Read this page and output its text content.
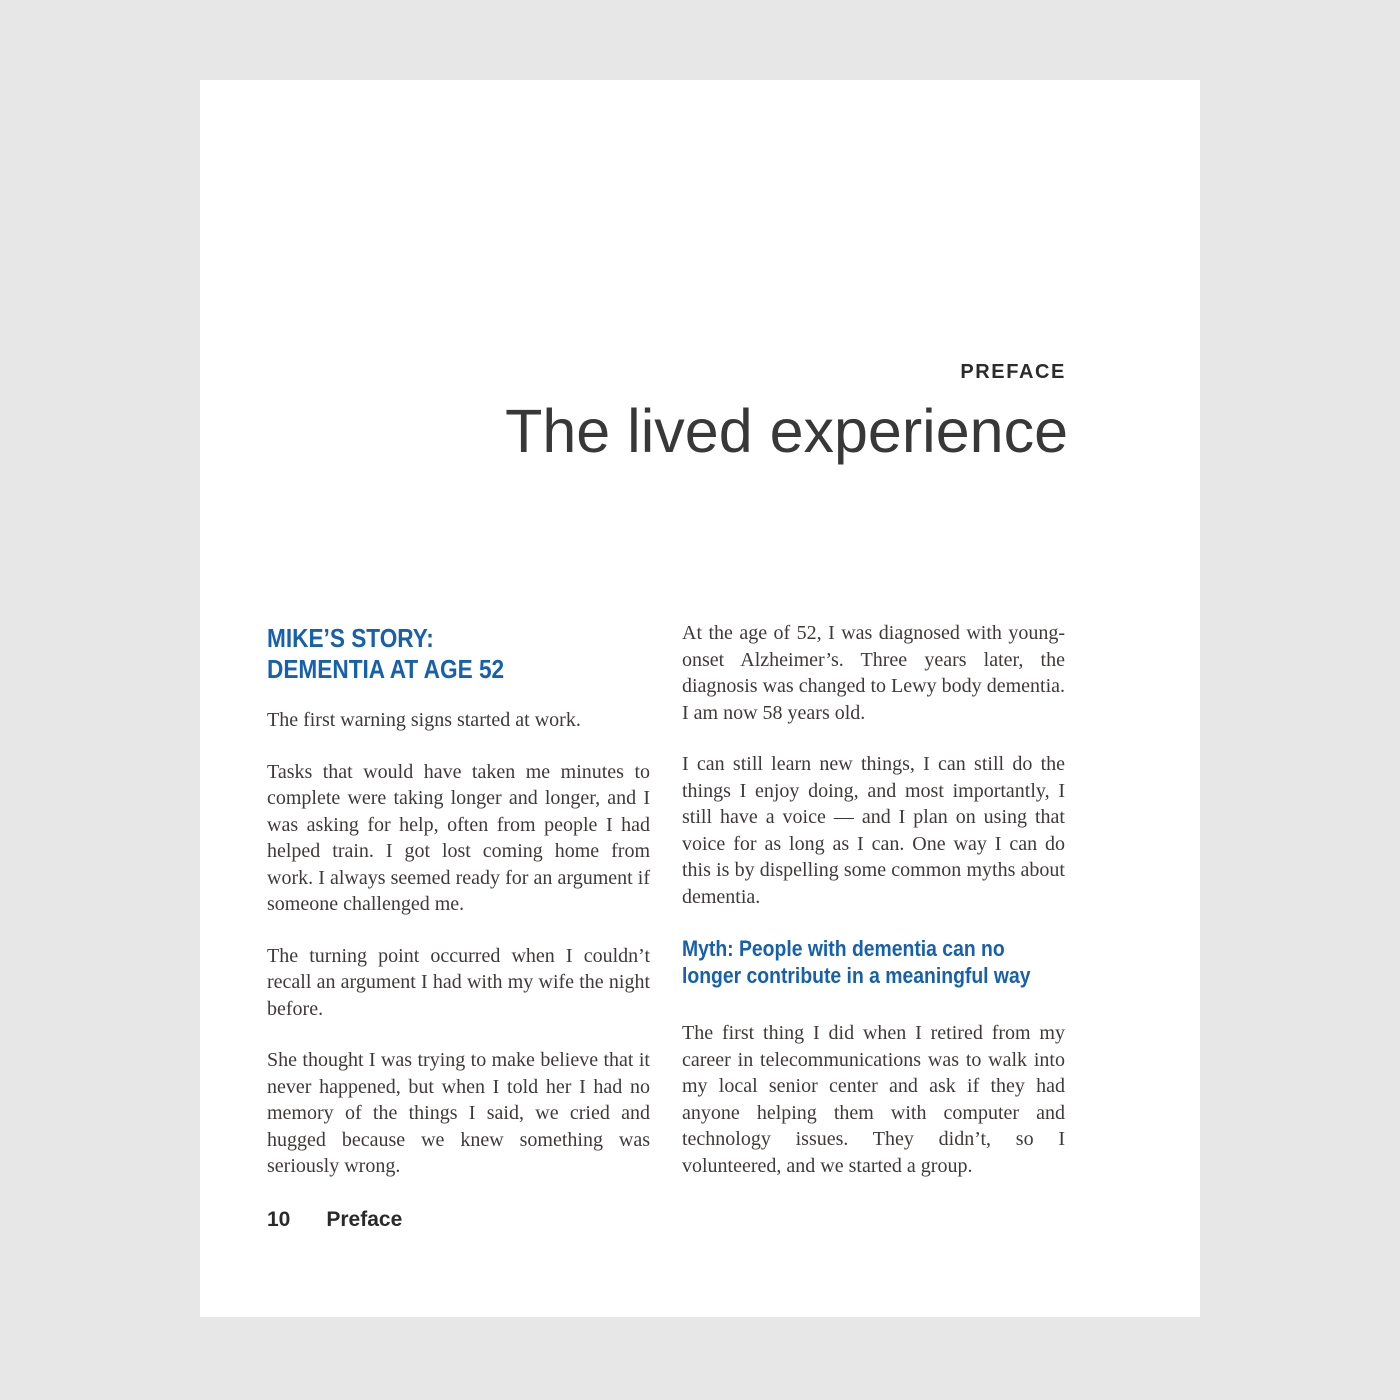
PREFACE
The lived experience
MIKE’S STORY:
DEMENTIA AT AGE 52

The first warning signs started at work.

Tasks that would have taken me minutes to complete were taking longer and longer, and I was asking for help, often from people I had helped train. I got lost coming home from work. I always seemed ready for an argument if someone challenged me.

The turning point occurred when I couldn’t recall an argument I had with my wife the night before.

She thought I was trying to make believe that it never happened, but when I told her I had no memory of the things I said, we cried and hugged because we knew something was seriously wrong.

At the age of 52, I was diagnosed with young-onset Alzheimer’s. Three years later, the diagnosis was changed to Lewy body dementia. I am now 58 years old.

I can still learn new things, I can still do the things I enjoy doing, and most importantly, I still have a voice — and I plan on using that voice for as long as I can. One way I can do this is by dispelling some common myths about dementia.

Myth: People with dementia can no
longer contribute in a meaningful way

The first thing I did when I retired from my career in telecommunications was to walk into my local senior center and ask if they had anyone helping them with computer and technology issues. They didn’t, so I volunteered, and we started a group.

10 Preface
